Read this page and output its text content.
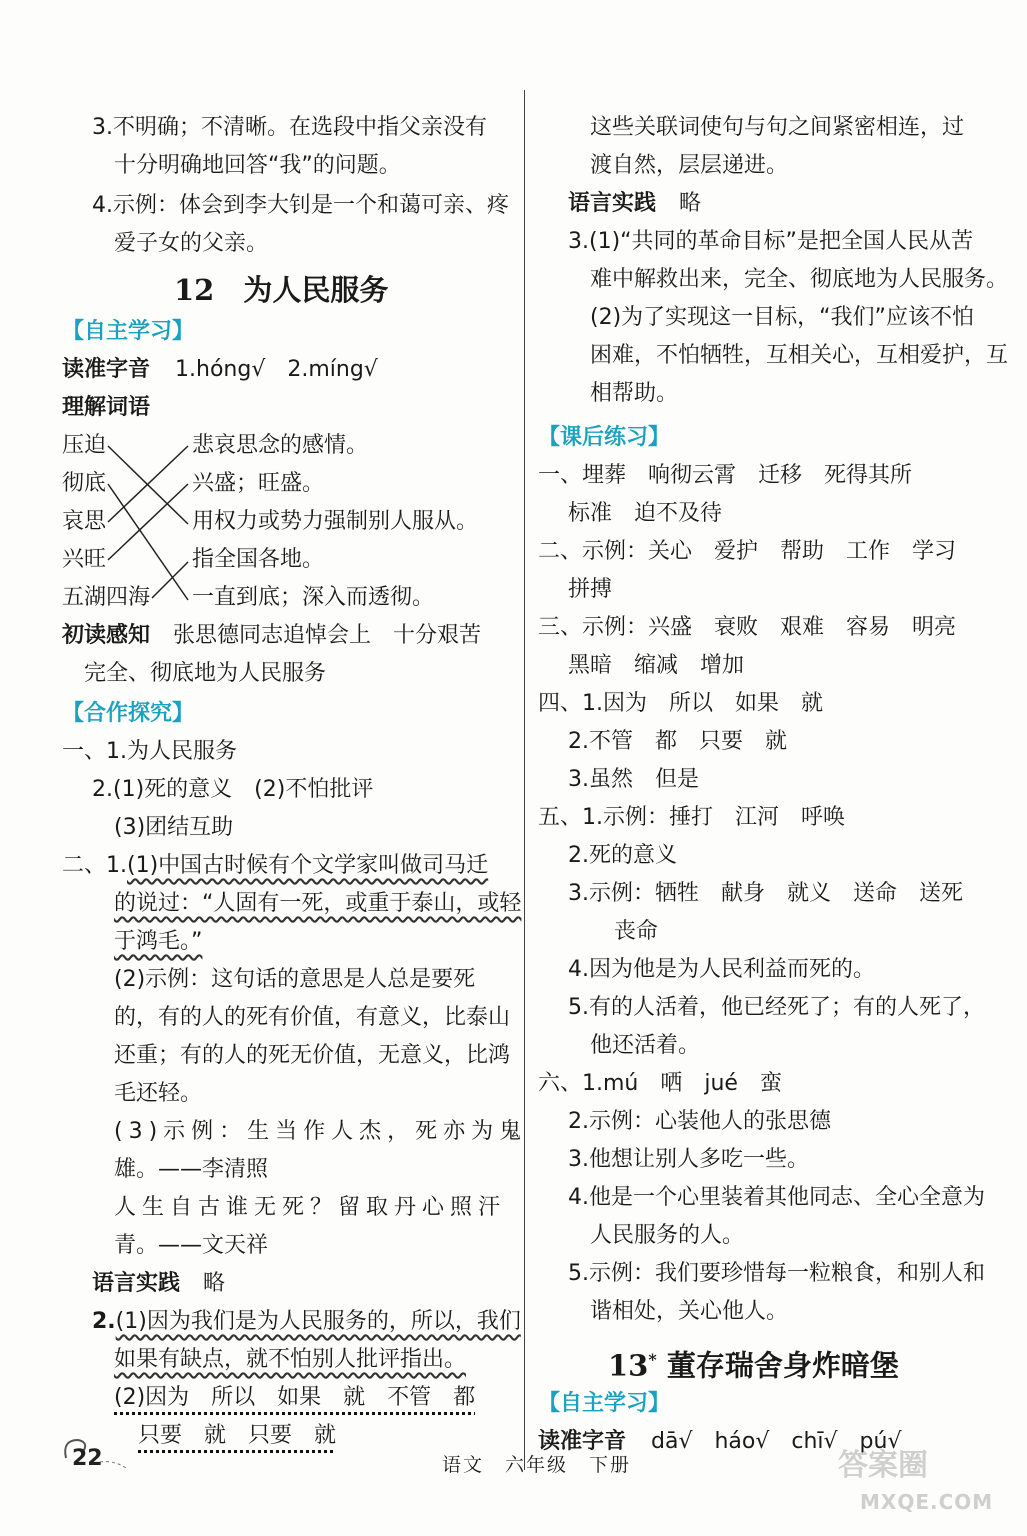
3.不明确；不清晰。在选段中指父亲没有
十分明确地回答“我”的问题。
4.示例：体会到李大钊是一个和蔼可亲、疼
爱子女的父亲。
12　为人民服务
【自主学习】
读准字音 1.hóng√　2.míng√
理解词语
压迫
彻底
哀思
兴旺
五湖四海
悲哀思念的感情。
兴盛；旺盛。
用权力或势力强制别人服从。
指全国各地。
一直到底；深入而透彻。
初读感知 张思德同志追悼会上　十分艰苦
完全、彻底地为人民服务
【合作探究】
一、1.为人民服务
2.(1)死的意义　(2)不怕批评
(3)团结互助
二、1.(1)中国古时候有个文学家叫做司马迁
的说过：“人固有一死，或重于泰山，或轻
于鸿毛。”
(2)示例：这句话的意思是人总是要死
的，有的人的死有价值，有意义，比泰山
还重；有的人的死无价值，无意义，比鸿
毛还轻。
(3)示例：生当作人杰，死亦为鬼
雄。——李清照
人生自古谁无死？留取丹心照汗
青。——文天祥
语言实践 略
2.(1)因为我们是为人民服务的，所以，我们
如果有缺点，就不怕别人批评指出。
(2)因为　所以　如果　就　不管　都
只要　就　只要　就
这些关联词使句与句之间紧密相连，过
渡自然，层层递进。
语言实践 略
3.(1)“共同的革命目标”是把全国人民从苦
难中解救出来，完全、彻底地为人民服务。
(2)为了实现这一目标，“我们”应该不怕
困难，不怕牺牲，互相关心，互相爱护，互
相帮助。
【课后练习】
一、埋葬　响彻云霄　迁移　死得其所
标准　迫不及待
二、示例：关心　爱护　帮助　工作　学习
拼搏
三、示例：兴盛　衰败　艰难　容易　明亮
黑暗　缩减　增加
四、1.因为　所以　如果　就
2.不管　都　只要　就
3.虽然　但是
五、1.示例：捶打　江河　呼唤
2.死的意义
3.示例：牺牲　献身　就义　送命　送死
丧命
4.因为他是为人民利益而死的。
5.有的人活着，他已经死了；有的人死了，
他还活着。
六、1.mú　哂　jué　蛮
2.示例：心装他人的张思德
3.他想让别人多吃一些。
4.他是一个心里装着其他同志、全心全意为
人民服务的人。
5.示例：我们要珍惜每一粒粮食，和别人和
谐相处，关心他人。
13* 董存瑞舍身炸暗堡
【自主学习】
读准字音 dā√　háo√　chī√　pú√
22	语文　六年级　下册	答案圈
MXQE.COM
